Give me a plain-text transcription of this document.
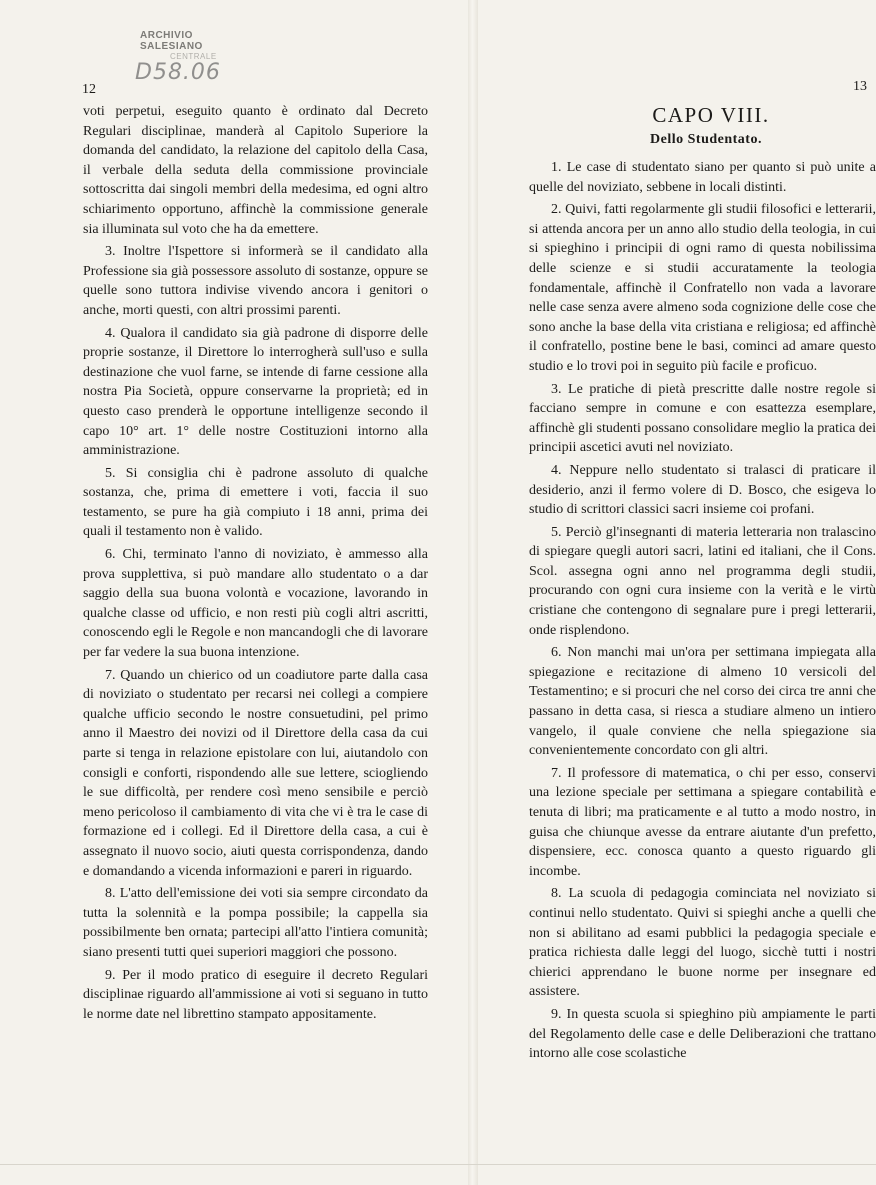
ARCHIVIO SALESIANO
CENTRALE
D58.06
12

voti perpetui, eseguito quanto è ordinato dal Decreto Regulari disciplinae, manderà al Capitolo Superiore la domanda del candidato, la relazione del capitolo della Casa, il verbale della seduta della commissione provinciale sottoscritta dai singoli membri della medesima, ed ogni altro schiarimento opportuno, affinchè la commissione generale sia illuminata sul voto che ha da emettere.

3. Inoltre l'Ispettore si informerà se il candidato alla Professione sia già possessore assoluto di sostanze, oppure se quelle sono tuttora indivise vivendo ancora i genitori o anche, morti questi, con altri prossimi parenti.

4. Qualora il candidato sia già padrone di disporre delle proprie sostanze, il Direttore lo interrogherà sull'uso e sulla destinazione che vuol farne, se intende di farne cessione alla nostra Pia Società, oppure conservarne la proprietà; ed in questo caso prenderà le opportune intelligenze secondo il capo 10° art. 1° delle nostre Costituzioni intorno alla amministrazione.

5. Si consiglia chi è padrone assoluto di qualche sostanza, che, prima di emettere i voti, faccia il suo testamento, se pure ha già compiuto i 18 anni, prima dei quali il testamento non è valido.

6. Chi, terminato l'anno di noviziato, è ammesso alla prova supplettiva, si può mandare allo studentato o a dar saggio della sua buona volontà e vocazione, lavorando in qualche classe od ufficio, e non resti più cogli altri ascritti, conoscendo egli le Regole e non mancandogli che di lavorare per far vedere la sua buona intenzione.

7. Quando un chierico od un coadiutore parte dalla casa di noviziato o studentato per recarsi nei collegi a compiere qualche ufficio secondo le nostre consuetudini, pel primo anno il Maestro dei novizi od il Direttore della casa da cui parte si tenga in relazione epistolare con lui, aiutandolo con consigli e conforti, rispondendo alle sue lettere, sciogliendo le sue difficoltà, per rendere così meno sensibile e perciò meno pericoloso il cambiamento di vita che vi è tra le case di formazione ed i collegi. Ed il Direttore della casa, a cui è assegnato il nuovo socio, aiuti questa corrispondenza, dando e domandando a vicenda informazioni e pareri in riguardo.

8. L'atto dell'emissione dei voti sia sempre circondato da tutta la solennità e la pompa possibile; la cappella sia possibilmente ben ornata; partecipi all'atto l'intiera comunità; siano presenti tutti quei superiori maggiori che possono.

9. Per il modo pratico di eseguire il decreto Regulari disciplinae riguardo all'ammissione ai voti si seguano in tutto le norme date nel librettino stampato appositamente.

13
CAPO VIII.
Dello Studentato.

1. Le case di studentato siano per quanto si può unite a quelle del noviziato, sebbene in locali distinti.

2. Quivi, fatti regolarmente gli studii filosofici e letterarii, si attenda ancora per un anno allo studio della teologia, in cui si spieghino i principii di ogni ramo di questa nobilissima delle scienze e si studii accuratamente la teologia fondamentale, affinchè il Confratello non vada a lavorare nelle case senza avere almeno soda cognizione delle cose che sono anche la base della vita cristiana e religiosa; ed affinchè il confratello, postine bene le basi, cominci ad amare questo studio e lo trovi poi in seguito più facile e proficuo.

3. Le pratiche di pietà prescritte dalle nostre regole si facciano sempre in comune e con esattezza esemplare, affinchè gli studenti possano consolidare meglio la pratica dei principii ascetici avuti nel noviziato.

4. Neppure nello studentato si tralasci di praticare il desiderio, anzi il fermo volere di D. Bosco, che esigeva lo studio di scrittori classici sacri insieme coi profani.

5. Perciò gl'insegnanti di materia letteraria non tralascino di spiegare quegli autori sacri, latini ed italiani, che il Cons. Scol. assegna ogni anno nel programma degli studii, procurando con ogni cura insieme con la verità e le virtù cristiane che contengono di segnalare pure i pregi letterarii, onde risplendono.

6. Non manchi mai un'ora per settimana impiegata alla spiegazione e recitazione di almeno 10 versicoli del Testamentino; e si procuri che nel corso dei circa tre anni che passano in detta casa, si riesca a studiare almeno un intiero vangelo, il quale conviene che nella spiegazione sia convenientemente concordato con gli altri.

7. Il professore di matematica, o chi per esso, conservi una lezione speciale per settimana a spiegare contabilità e tenuta di libri; ma praticamente e al tutto a modo nostro, in guisa che chiunque avesse da entrare aiutante d'un prefetto, dispensiere, ecc. conosca quanto a questo riguardo gli incombe.

8. La scuola di pedagogia cominciata nel noviziato si continui nello studentato. Quivi si spieghi anche a quelli che non si abilitano ad esami pubblici la pedagogia speciale e pratica richiesta dalle leggi del luogo, sicchè tutti i nostri chierici apprendano le buone norme per insegnare ed assistere.

9. In questa scuola si spieghino più ampiamente le parti del Regolamento delle case e delle Deliberazioni che trattano intorno alle cose scolastiche
